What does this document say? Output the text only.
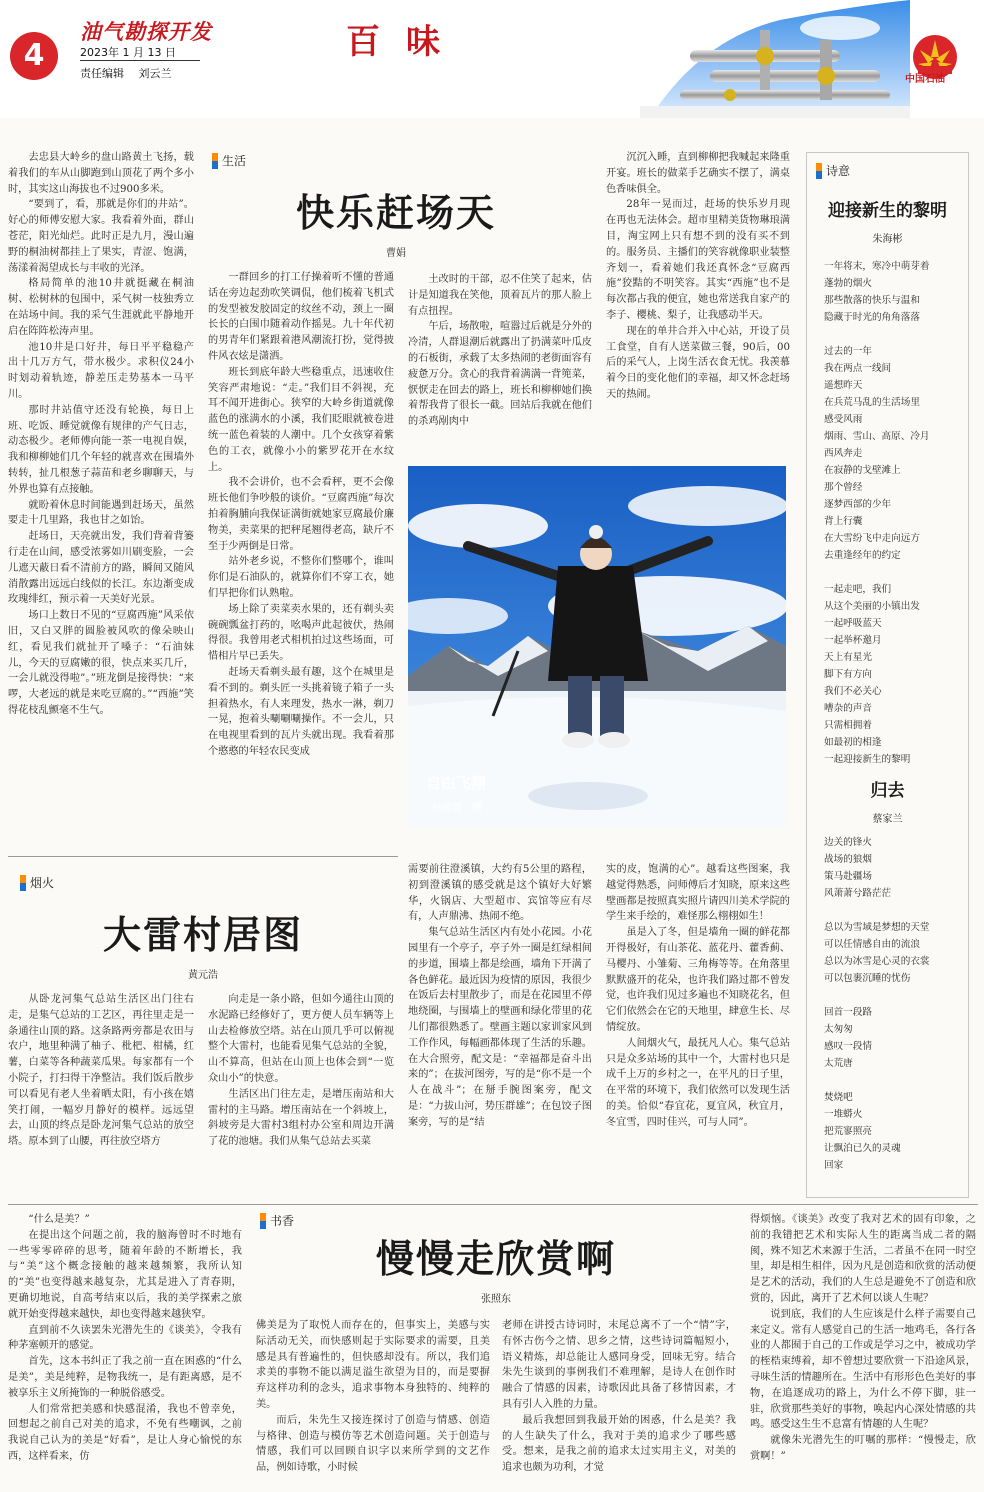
4
油气勘探开发
2023年 1 月 13 日
责任编辑　 刘云兰
百味
中国石油

去忠县大岭乡的盘山路黄土飞扬，载着我们的车从山脚跑到山顶花了两个多小时，其实这山海拔也不过900多米。

“要到了，看，那就是你们的井站”。好心的师傅安慰大家。我看着外面，群山苍茫，阳光灿烂。此时正是九月，漫山遍野的桐油树都挂上了果实，青涩、饱满，荡漾着渴望成长与丰收的光泽。

格局简单的池10井就挺藏在桐油树、松树林的包围中，采气树一枝独秀立在站场中间。我的采气生涯就此平静地开启在阵阵松涛声里。

池10井是口好井，每日平平稳稳产出十几万方气，带水极少。求积仪24小时划动着轨迹，静差压走势基本一马平川。

那时井站值守还没有轮换，每日上班、吃饭、睡觉就像有规律的产气日志，动态极少。老师傅向能一茶一电视自娱，我和柳柳她们几个年轻的就喜欢在围墙外转转，扯几根葱子蒜苗和老乡聊聊天，与外界也算有点接触。

就盼着休息时间能遇到赶场天，虽然要走十几里路，我也甘之如饴。

赶场日，天亮就出发，我们背着背篓行走在山间，感受浓雾如川刷变脸，一会儿遮天蔽日看不清前方的路，瞬间又随风消散露出远远白线似的长江。东边渐变成玫瑰绯红，预示着一天美好光景。

场口上数日不见的“豆腐西施”风采依旧，又白又胖的圆脸被风吹的像朵映山红，看见我们就扯开了嗓子：“石油妹儿，今天的豆腐嫩的很，快点来买几斤，一会儿就没得啦”。”班龙倒是接得快：“来啰，大老远的就是来吃豆腐的。”“西施”笑得花枝乱颤毫不生气。

生活
快乐赶场天
曹娟

一群回乡的打工仔操着听不懂的普通话在旁边起劲吹笑调侃，他们梳着飞机式的发型被发胶固定的纹丝不动，颈上一圈长长的白围巾随着动作摇晃。九十年代初的男青年们紧跟着港风潮流打扮，觉得披件风衣炫是潇洒。

班长到底年龄大些稳重点，迅速收住笑容严肃地说：“走。”我们目不斜视，充耳不闻开进街心。狭窄的大岭乡街道就像蓝色的涨满水的小溪，我们眨眼就被卷进统一蓝色着装的人潮中。几个女孩穿着紫色的工衣，就像小小的紫罗花开在水纹上。

我不会讲价，也不会看秤，更不会像班长他们争吵般的谈价。“豆腐西施”每次拍着胸脯向我保证满街就她家豆腐最价廉物美，卖菜果的把秤尾翘得老高，缺斤不至于少两倒是日常。

站外老乡说，不整你们整哪个，谁叫你们是石油队的，就算你们不穿工衣，她们早把你们认熟啦。

场上除了卖菜卖水果的，还有剃头卖碗碗瓢盆打药的，吆喝声此起彼伏，热闹得很。我曾用老式相机拍过这些场面，可惜相片早已丢失。

赶场天看剃头最有趣，这个在城里是看不到的。剃头匠一头挑着镜子箱子一头担着热水，有人来理发，热水一淋，剃刀一晃，抱着头唰唰唰操作。不一会儿，只在电视里看到的瓦片头就出现。我看着那个憨憨的年轻农民变成

土改时的干部，忍不住笑了起来，估计是知道我在笑他，顶着瓦片的那人脸上有点扭捏。

午后，场散啦，喧嚣过后就是分外的冷清，人群退潮后就露出了扔满菜叶瓜皮的石板街，承载了太多热闹的老街面容有疲惫万分。贪心的我背着满满一背篼菜，恹恹走在回去的路上，班长和柳柳她们换着帮我背了很长一截。回站后我就在他们的杀鸡剐肉中

沉沉入睡，直到柳柳把我喊起来隆重开宴。班长的做菜手艺确实不摆了，满桌色香味俱全。

28年一晃而过，赶场的快乐岁月现在再也无法体会。超市里精美货物琳琅满目，淘宝网上只有想不到的没有买不到的。服务员、主播们的笑容就像职业装整齐划一，看着她们我还真怀念“豆腐西施”狡黠的不明笑容。其实“西施”也不是每次都占我的便宜，她也常送我自家产的李子、樱桃、梨子，让我感动半天。

现在的单井合并入中心站，开设了员工食堂，自有人送菜做三餐，90后，00后的采气人，上岗生活衣食无忧。我羡慕着今日的变化他们的幸福，却又怀念赶场天的热闹。

自由飞翔
杨媛媛　摄
烟火
大雷村居图
黄元浩

从卧龙河集气总站生活区出门往右走，是集气总站的工艺区，再往里走是一条通往山顶的路。这条路两旁都是农田与农户，地里种满了柚子、枇杷、柑橘，红薯，白菜等各种蔬菜瓜果。每家都有一个小院子，打扫得干净整洁。我们饭后散步可以看见有老人坐着晒太阳，有小孩在嬉笑打闹，一幅岁月静好的模样。远远望去，山顶的终点是卧龙河集气总站的放空塔。原本到了山腰，再往放空塔方

向走是一条小路，但如今通往山顶的水泥路已经修好了，更方便人员车辆等上山去检修放空塔。站在山顶几乎可以俯视整个大雷村，也能看见集气总站的全貌，山不算高，但站在山顶上也体会到“一览众山小”的快意。

生活区出门往左走，是增压南站和大雷村的主马路。增压南站在一个斜坡上，斜坡旁是大雷村3组村办公室和周边开满了花的池塘。我们从集气总站去买菜

需要前往澄溪镇，大约有5公里的路程，初到澄溪镇的感受就是这个镇好大好繁华，火锅店、大型超市、宾馆等应有尽有，人声鼎沸、热闹不绝。

集气总站生活区内有处小花园。小花园里有一个亭子，亭子外一圈是红绿相间的步道，围墙上都是绘画，墙角下开满了各色鲜花。最近因为疫情的原因，我很少在饭后去村里散步了，而是在花园里不停地绕圈，与围墙上的壁画和绿化带里的花儿们都很熟悉了。壁画主题以家训家风到工作作风，每幅画都体现了生活的乐趣。在大合照旁，配文是：“幸福都是奋斗出来的”；在拔河图旁，写的是“你不是一个人在战斗”；在掰手腕图案旁，配文是：“力拔山河，势压群雄”；在包饺子图案旁，写的是“结

实的皮，饱满的心”。越看这些图案，我越觉得熟悉，问师傅后才知晓，原来这些壁画都是按照真实照片请四川美术学院的学生来手绘的，难怪那么栩栩如生！

虽是入了冬，但是墙角一圈的鲜花都开得极好，有山茶花、蓝花丹、藿香蓟、马樱丹、小雏菊、三角梅等等。在角落里默默盛开的花朵，也许我们路过都不曾发觉，也许我们见过多遍也不知晓花名，但它们依然会在它的天地里，肆意生长、尽情绽放。

人间烟火气，最抚凡人心。集气总站只是众多站场的其中一个，大雷村也只是成千上万的乡村之一，在平凡的日子里，在平常的环境下，我们依然可以发现生活的美。恰似“春宜花，夏宜风，秋宜月，冬宜雪，四时佳兴，可与人同”。

诗意
迎接新生的黎明
朱海彬
一年将末，寒冷中萌芽着
蓬勃的烟火
那些散落的快乐与温和
隐藏于时光的角角落落

过去的一年
我在两点一线间
遥想昨天
在兵荒马乱的生活场里
感受风雨
烟雨、雪山、高原、冷月
西风奔走
在寂静的戈壁滩上
那个曾经
逐梦西部的少年
背上行囊
在大雪纷飞中走向远方
去重逢经年的约定

一起走吧，我们
从这个美丽的小镇出发
一起呼吸蓝天
一起举杯邀月
天上有星光
脚下有方向
我们不必关心
嘈杂的声音
只需相拥着
如最初的相逢
一起迎接新生的黎明
归去
蔡家兰
边关的锋火
战场的狼烟
策马赴疆场
风萧萧兮路茫茫

总以为雪域是梦想的天堂
可以任情感自由的流浪
总以为冰雪是心灵的衣裳
可以包裹沉睡的忧伤

回首一段路
太匆匆
感叹一段情
太荒唐

焚烧吧
一堆蟒火
把荒寥照亮
让飘泊已久的灵魂
回家

“什么是美？”

在提出这个问题之前，我的脑海曾时不时地有一些零零碎碎的思考，随着年龄的不断增长，我与“美”这个概念接触的越来越频繁，我所认知的“美”也变得越来越复杂，尤其是进入了青春期，更确切地说，自高考结束以后，我的美学探索之旅就开始变得越来越快，却也变得越来越狭窄。

直到前不久读罢朱光潜先生的《谈美》，令我有种茅塞顿开的感觉。

首先，这本书纠正了我之前一直在困惑的“什么是美”，美是纯粹，是物我统一，是有距离感，是不被享乐主义所掩饰的一种脱俗感受。

人们常常把美感和快感混淆，我也不曾幸免，回想起之前自己对美的追求，不免有些嘲讽，之前我说自己认为的美是“好看”，是让人身心愉悦的东西，这样看来，仿

书香
慢慢走欣赏啊
张照东

佛美是为了取悦人而存在的，但事实上，美感与实际活动无关，而快感则起于实际要求的需要，且美感是具有普遍性的，但快感却没有。所以，我们追求美的事物不能以满足溢生欲望为目的，而是要摒弃这样功利的念头，追求事物本身独特的、纯粹的美。

而后，朱先生又接连探讨了创造与情感、创造与格律、创造与模仿等艺术创造问题。关于创造与情感，我们可以回顾自识字以来所学到的文艺作品，例如诗歌，小时候

老师在讲授古诗词时，末尾总离不了一个“情”字，有怀古伤今之情、思乡之情，这些诗词篇幅短小，语义精炼，却总能让人感同身受，回味无穷。结合朱先生谈到的事例我们不难理解，是诗人在创作时融合了情感的因素，诗歌因此具备了移情因素，才具有引人入胜的力量。

最后我想回到我最开始的困惑，什么是美？我的人生缺失了什么，我对于美的追求少了哪些感受。想来，是我之前的追求太过实用主义，对美的追求也颇为功利，才觉

得烦恼。《谈美》改变了我对艺术的固有印象，之前的我错把艺术和实际人生的距离当成二者的隔阂，殊不知艺术来源于生活，二者虽不在同一时空里，却是相生相伴，因为凡是创造和欣赏的活动便是艺术的活动，我们的人生总是避免不了创造和欣赏的，因此，离开了艺术何以谈人生呢？

说到底，我们的人生应该是什么样子需要自己来定义。常有人感觉自己的生活一地鸡毛，各行各业的人都囿于自己的工作或是学习之中，被成功学的桎梏束缚着，却不曾想过要欣赏一下沿途风景，寻味生活的情趣所在。生活中有形形色色美好的事物，在追逐成功的路上，为什么不停下脚，驻一驻，欣赏那些美好的事物，唤起内心深处情感的共鸣。感受这生生不息富有情趣的人生呢？

就像朱光潜先生的叮嘱的那样：“慢慢走，欣赏啊！”
